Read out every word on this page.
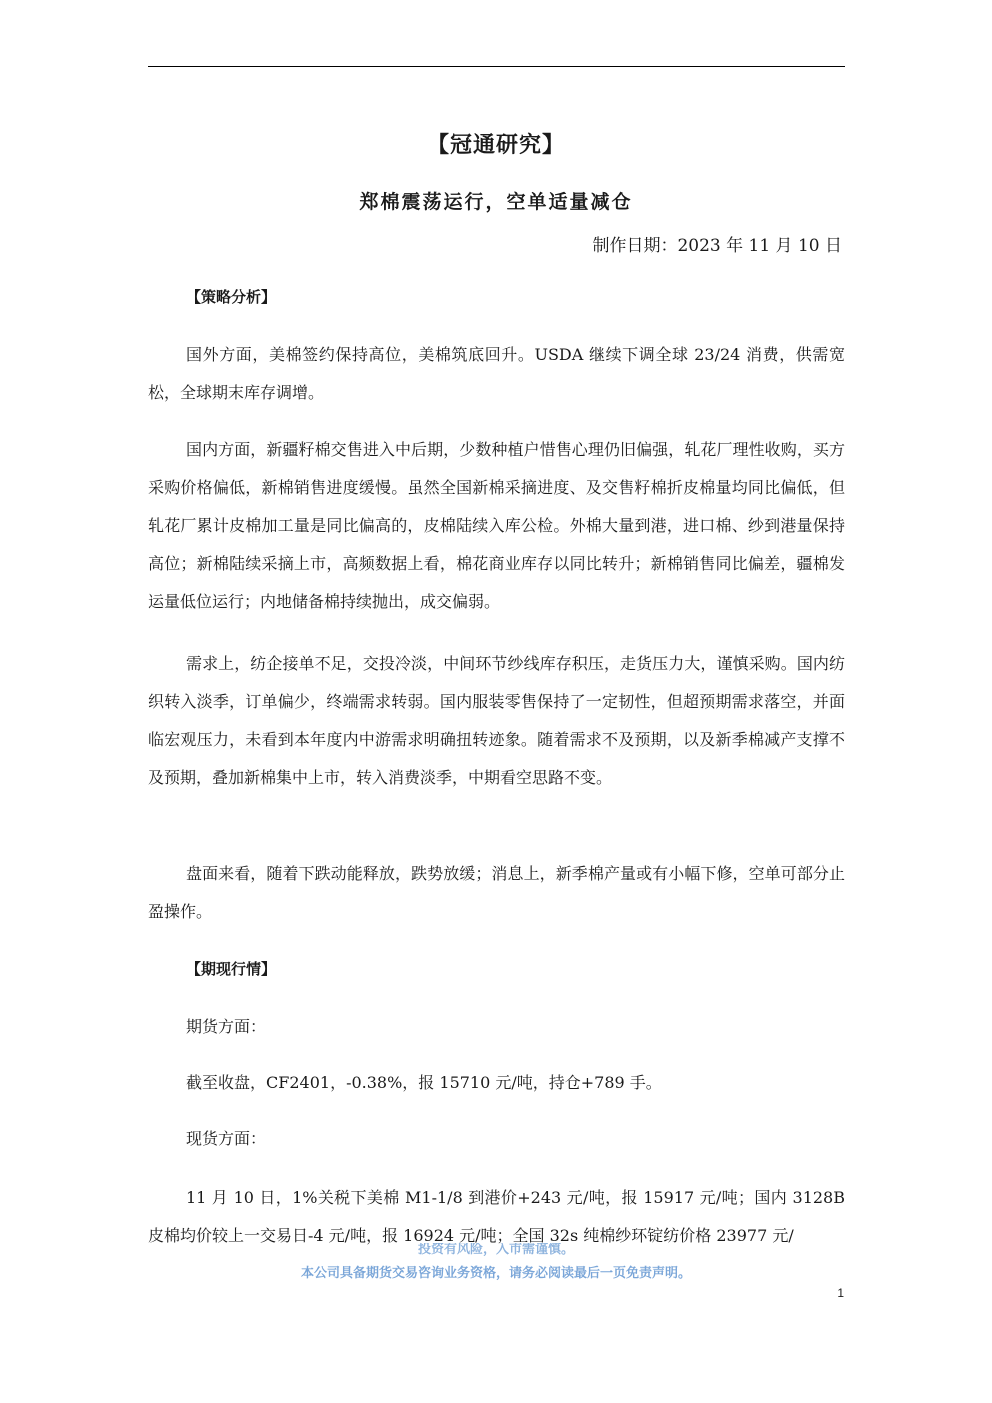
【冠通研究】
郑棉震荡运行，空单适量减仓
制作日期：2023 年 11 月 10 日
【策略分析】

国外方面，美棉签约保持高位，美棉筑底回升。USDA 继续下调全球 23/24 消费，供需宽松，全球期末库存调增。

国内方面，新疆籽棉交售进入中后期，少数种植户惜售心理仍旧偏强，轧花厂理性收购，买方采购价格偏低，新棉销售进度缓慢。虽然全国新棉采摘进度、及交售籽棉折皮棉量均同比偏低，但轧花厂累计皮棉加工量是同比偏高的，皮棉陆续入库公检。外棉大量到港，进口棉、纱到港量保持高位；新棉陆续采摘上市，高频数据上看，棉花商业库存以同比转升；新棉销售同比偏差，疆棉发运量低位运行；内地储备棉持续抛出，成交偏弱。

需求上，纺企接单不足，交投冷淡，中间环节纱线库存积压，走货压力大，谨慎采购。国内纺织转入淡季，订单偏少，终端需求转弱。国内服装零售保持了一定韧性，但超预期需求落空，并面临宏观压力，未看到本年度内中游需求明确扭转迹象。随着需求不及预期，以及新季棉减产支撑不及预期，叠加新棉集中上市，转入消费淡季，中期看空思路不变。

盘面来看，随着下跌动能释放，跌势放缓；消息上，新季棉产量或有小幅下修，空单可部分止盈操作。

【期现行情】
期货方面：
截至收盘，CF2401，-0.38%，报 15710 元/吨，持仓+789 手。
现货方面：

11 月 10 日，1%关税下美棉 M1-1/8 到港价+243 元/吨，报 15917 元/吨；国内 3128B 皮棉均价较上一交易日-4 元/吨，报 16924 元/吨；全国 32s 纯棉纱环锭纺价格 23977 元/

投资有风险，入市需谨慎。
本公司具备期货交易咨询业务资格，请务必阅读最后一页免责声明。
1
